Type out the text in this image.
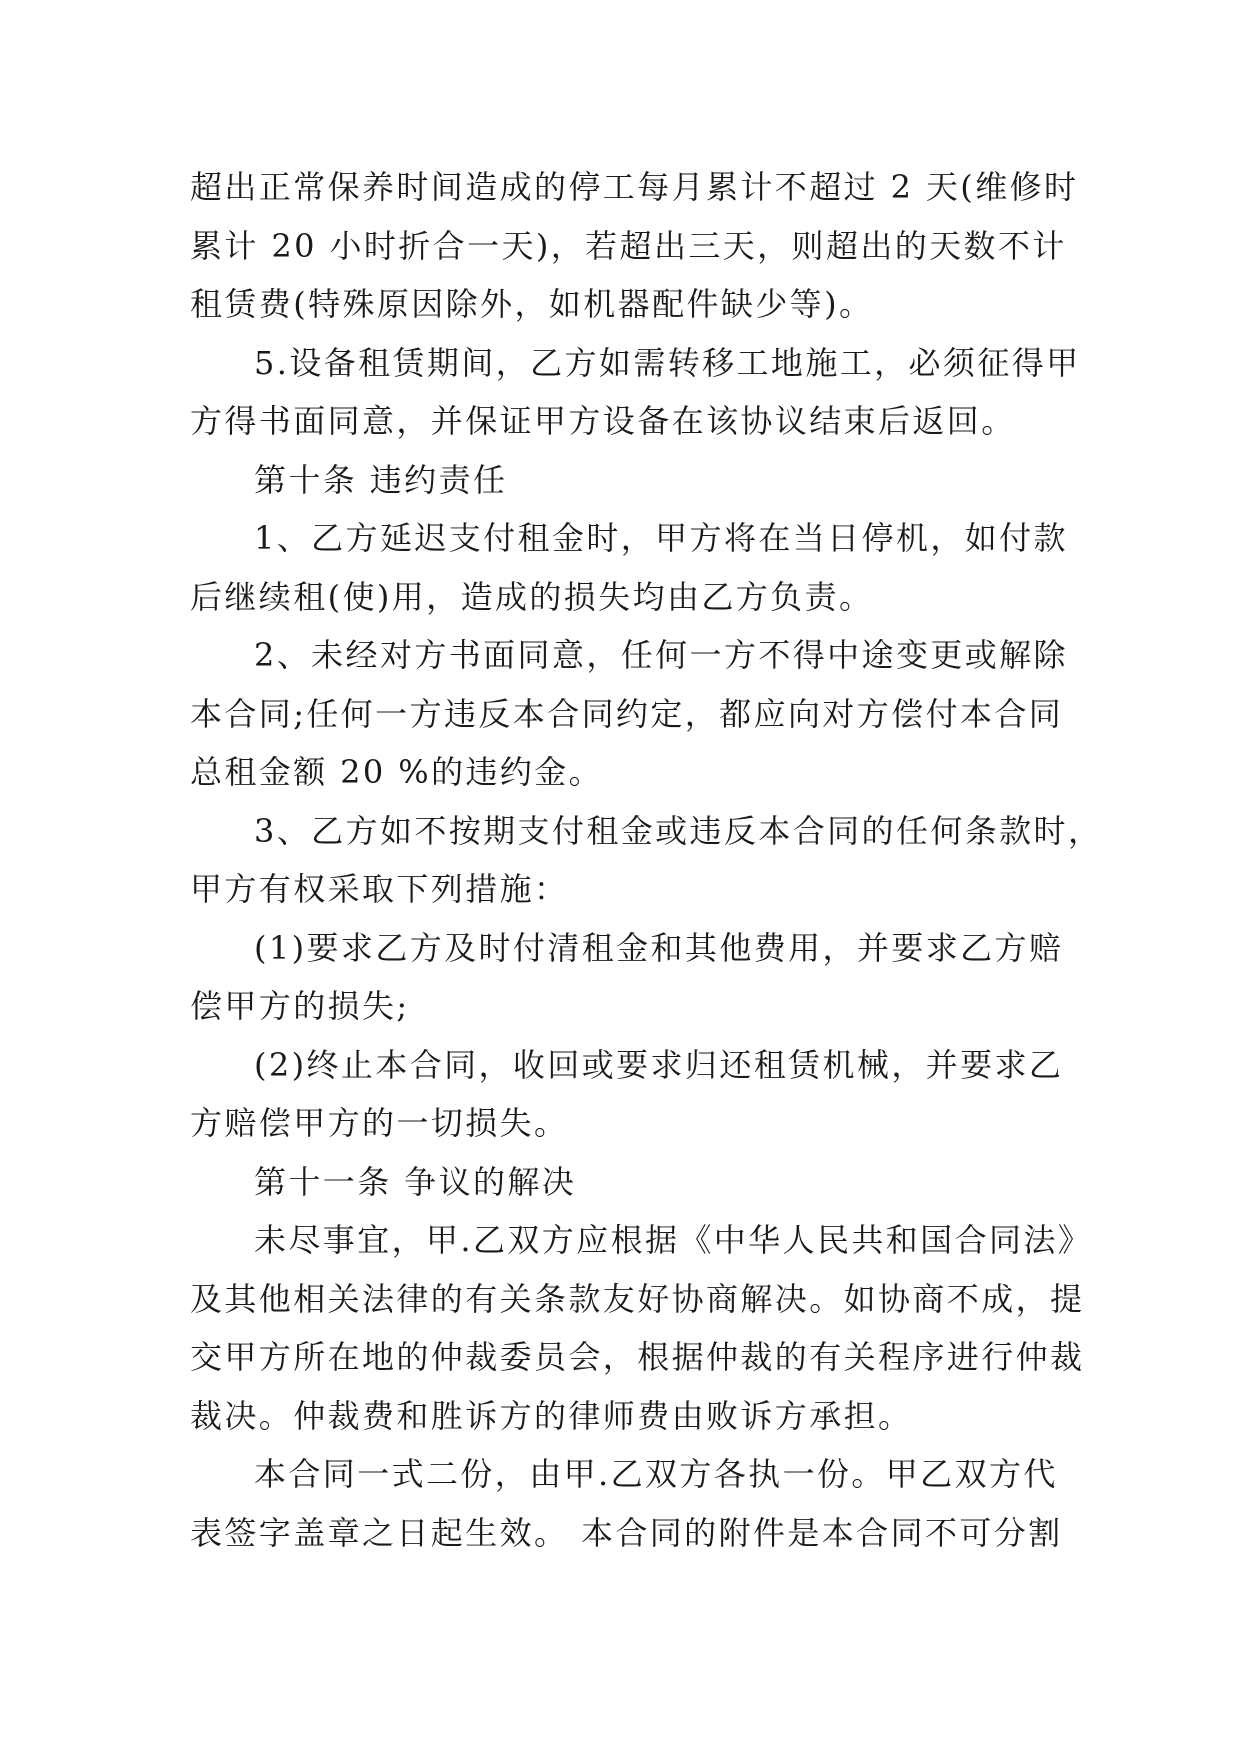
超出正常保养时间造成的停工每月累计不超过 2 天(维修时
累计 20 小时折合一天)，若超出三天，则超出的天数不计
租赁费(特殊原因除外，如机器配件缺少等)。
5.设备租赁期间，乙方如需转移工地施工，必须征得甲
方得书面同意，并保证甲方设备在该协议结束后返回。
第十条 违约责任
1、乙方延迟支付租金时，甲方将在当日停机，如付款
后继续租(使)用，造成的损失均由乙方负责。
2、未经对方书面同意，任何一方不得中途变更或解除
本合同;任何一方违反本合同约定，都应向对方偿付本合同
总租金额 20 %的违约金。
3、乙方如不按期支付租金或违反本合同的任何条款时，
甲方有权采取下列措施：
(1)要求乙方及时付清租金和其他费用，并要求乙方赔
偿甲方的损失;
(2)终止本合同，收回或要求归还租赁机械，并要求乙
方赔偿甲方的一切损失。
第十一条 争议的解决
未尽事宜，甲.乙双方应根据《中华人民共和国合同法》
及其他相关法律的有关条款友好协商解决。如协商不成，提
交甲方所在地的仲裁委员会，根据仲裁的有关程序进行仲裁
裁决。仲裁费和胜诉方的律师费由败诉方承担。
本合同一式二份，由甲.乙双方各执一份。甲乙双方代
表签字盖章之日起生效。 本合同的附件是本合同不可分割
